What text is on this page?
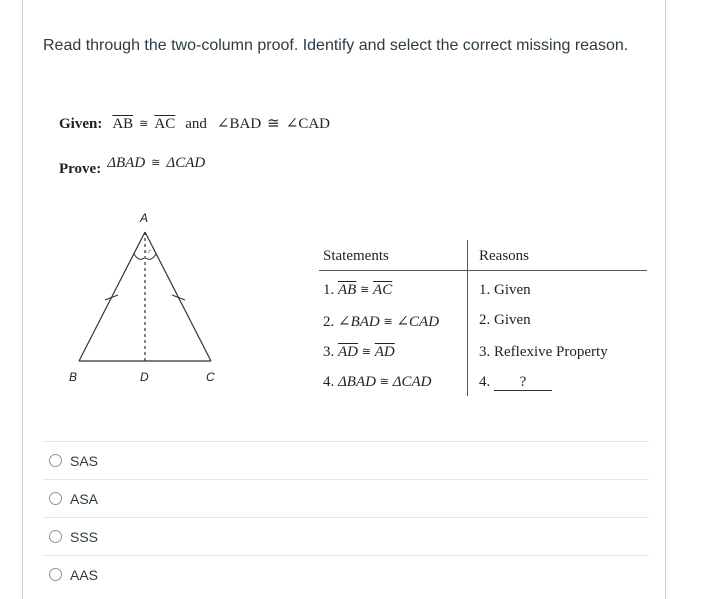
Read through the two-column proof. Identify and select the correct missing reason.
Given: $\overline{AB}$ ≅ $\overline{AC}$ and ∠BAD ≅ ∠CAD
Prove: ΔBAD ≅ ΔCAD
A
B	D	C
Statements	Reasons
1. $\overline{AB}$ ≅ $\overline{AC}$	1. Given
2. ∠BAD ≅ ∠CAD	2. Given
3. $\overline{AD}$ ≅ $\overline{AD}$	3. Reflexive Property
4. ΔBAD ≅ ΔCAD	4. ?
SAS
ASA
SSS
AAS
